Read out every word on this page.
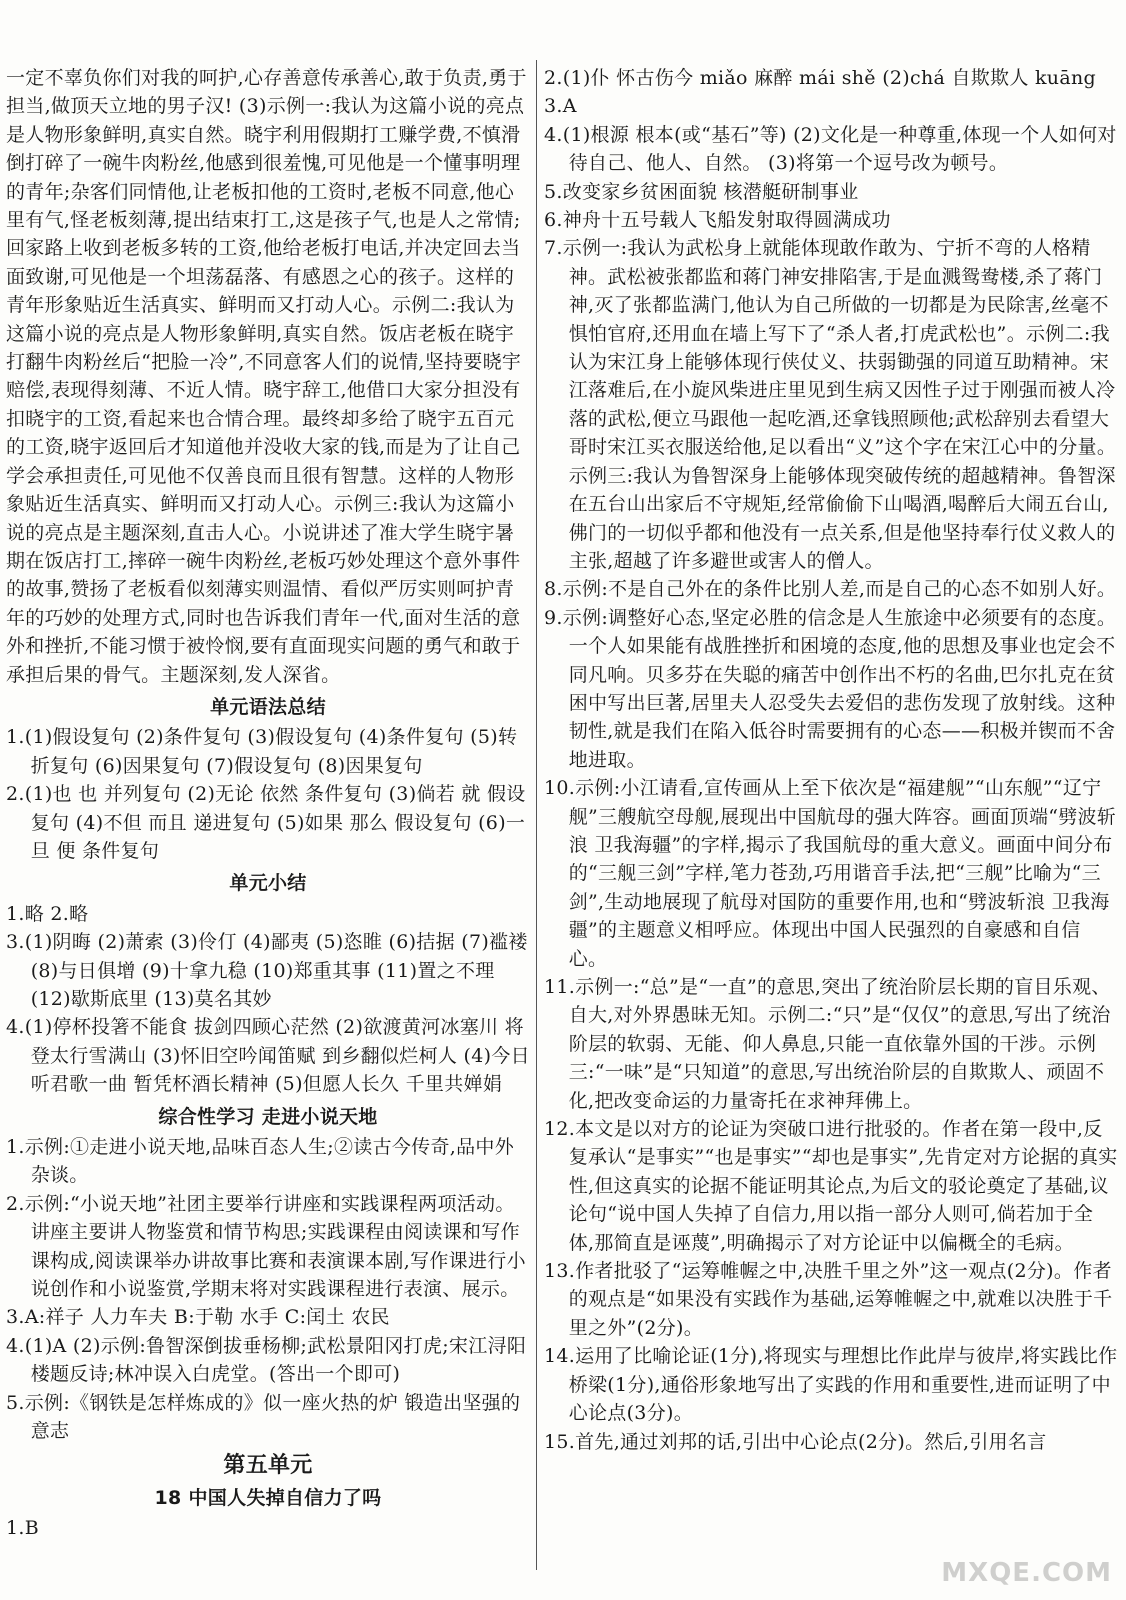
一定不辜负你们对我的呵护,心存善意传承善心,敢于负责,勇于担当,做顶天立地的男子汉! (3)示例一:我认为这篇小说的亮点是人物形象鲜明,真实自然。晓宇利用假期打工赚学费,不慎滑倒打碎了一碗牛肉粉丝,他感到很羞愧,可见他是一个懂事明理的青年;杂客们同情他,让老板扣他的工资时,老板不同意,他心里有气,怪老板刻薄,提出结束打工,这是孩子气,也是人之常情;回家路上收到老板多转的工资,他给老板打电话,并决定回去当面致谢,可见他是一个坦荡磊落、有感恩之心的孩子。这样的青年形象贴近生活真实、鲜明而又打动人心。示例二:我认为这篇小说的亮点是人物形象鲜明,真实自然。饭店老板在晓宇打翻牛肉粉丝后“把脸一冷”,不同意客人们的说情,坚持要晓宇赔偿,表现得刻薄、不近人情。晓宇辞工,他借口大家分担没有扣晓宇的工资,看起来也合情合理。最终却多给了晓宇五百元的工资,晓宇返回后才知道他并没收大家的钱,而是为了让自己学会承担责任,可见他不仅善良而且很有智慧。这样的人物形象贴近生活真实、鲜明而又打动人心。示例三:我认为这篇小说的亮点是主题深刻,直击人心。小说讲述了准大学生晓宇暑期在饭店打工,摔碎一碗牛肉粉丝,老板巧妙处理这个意外事件的故事,赞扬了老板看似刻薄实则温情、看似严厉实则呵护青年的巧妙的处理方式,同时也告诉我们青年一代,面对生活的意外和挫折,不能习惯于被怜悯,要有直面现实问题的勇气和敢于承担后果的骨气。主题深刻,发人深省。

单元语法总结

1.(1)假设复句 (2)条件复句 (3)假设复句 (4)条件复句 (5)转折复句 (6)因果复句 (7)假设复句 (8)因果复句

2.(1)也 也 并列复句 (2)无论 依然 条件复句 (3)倘若 就 假设复句 (4)不但 而且 递进复句 (5)如果 那么 假设复句 (6)一旦 便 条件复句

单元小结

1.略 2.略

3.(1)阴晦 (2)萧索 (3)伶仃 (4)鄙夷 (5)恣睢 (6)拮据 (7)褴褛 (8)与日俱增 (9)十拿九稳 (10)郑重其事 (11)置之不理 (12)歇斯底里 (13)莫名其妙

4.(1)停杯投箸不能食 拔剑四顾心茫然 (2)欲渡黄河冰塞川 将登太行雪满山 (3)怀旧空吟闻笛赋 到乡翻似烂柯人 (4)今日听君歌一曲 暂凭杯酒长精神 (5)但愿人长久 千里共婵娟

综合性学习 走进小说天地

1.示例:①走进小说天地,品味百态人生;②读古今传奇,品中外杂谈。

2.示例:“小说天地”社团主要举行讲座和实践课程两项活动。讲座主要讲人物鉴赏和情节构思;实践课程由阅读课和写作课构成,阅读课举办讲故事比赛和表演课本剧,写作课进行小说创作和小说鉴赏,学期末将对实践课程进行表演、展示。

3.A:祥子 人力车夫 B:于勒 水手 C:闰土 农民

4.(1)A (2)示例:鲁智深倒拔垂杨柳;武松景阳冈打虎;宋江浔阳楼题反诗;林冲误入白虎堂。(答出一个即可)

5.示例:《钢铁是怎样炼成的》似一座火热的炉 锻造出坚强的意志

第五单元
18 中国人失掉自信力了吗

1.B

2.(1)仆 怀古伤今 miǎo 麻醉 mái shě (2)chá 自欺欺人 kuāng

3.A

4.(1)根源 根本(或“基石”等) (2)文化是一种尊重,体现一个人如何对待自己、他人、自然。 (3)将第一个逗号改为顿号。

5.改变家乡贫困面貌 核潜艇研制事业

6.神舟十五号载人飞船发射取得圆满成功

7.示例一:我认为武松身上就能体现敢作敢为、宁折不弯的人格精神。武松被张都监和蒋门神安排陷害,于是血溅鸳鸯楼,杀了蒋门神,灭了张都监满门,他认为自己所做的一切都是为民除害,丝毫不惧怕官府,还用血在墙上写下了“杀人者,打虎武松也”。示例二:我认为宋江身上能够体现行侠仗义、扶弱锄强的同道互助精神。宋江落难后,在小旋风柴进庄里见到生病又因性子过于刚强而被人冷落的武松,便立马跟他一起吃酒,还拿钱照顾他;武松辞别去看望大哥时宋江买衣服送给他,足以看出“义”这个字在宋江心中的分量。示例三:我认为鲁智深身上能够体现突破传统的超越精神。鲁智深在五台山出家后不守规矩,经常偷偷下山喝酒,喝醉后大闹五台山,佛门的一切似乎都和他没有一点关系,但是他坚持奉行仗义救人的主张,超越了许多避世或害人的僧人。

8.示例:不是自己外在的条件比别人差,而是自己的心态不如别人好。

9.示例:调整好心态,坚定必胜的信念是人生旅途中必须要有的态度。一个人如果能有战胜挫折和困境的态度,他的思想及事业也定会不同凡响。贝多芬在失聪的痛苦中创作出不朽的名曲,巴尔扎克在贫困中写出巨著,居里夫人忍受失去爱侣的悲伤发现了放射线。这种韧性,就是我们在陷入低谷时需要拥有的心态——积极并锲而不舍地进取。

10.示例:小江请看,宣传画从上至下依次是“福建舰”“山东舰”“辽宁舰”三艘航空母舰,展现出中国航母的强大阵容。画面顶端“劈波斩浪 卫我海疆”的字样,揭示了我国航母的重大意义。画面中间分布的“三舰三剑”字样,笔力苍劲,巧用谐音手法,把“三舰”比喻为“三剑”,生动地展现了航母对国防的重要作用,也和“劈波斩浪 卫我海疆”的主题意义相呼应。体现出中国人民强烈的自豪感和自信心。

11.示例一:“总”是“一直”的意思,突出了统治阶层长期的盲目乐观、自大,对外界愚昧无知。示例二:“只”是“仅仅”的意思,写出了统治阶层的软弱、无能、仰人鼻息,只能一直依靠外国的干涉。示例三:“一味”是“只知道”的意思,写出统治阶层的自欺欺人、顽固不化,把改变命运的力量寄托在求神拜佛上。

12.本文是以对方的论证为突破口进行批驳的。作者在第一段中,反复承认“是事实”“也是事实”“却也是事实”,先肯定对方论据的真实性,但这真实的论据不能证明其论点,为后文的驳论奠定了基础,议论句“说中国人失掉了自信力,用以指一部分人则可,倘若加于全体,那简直是诬蔑”,明确揭示了对方论证中以偏概全的毛病。

13.作者批驳了“运筹帷幄之中,决胜千里之外”这一观点(2分)。作者的观点是“如果没有实践作为基础,运筹帷幄之中,就难以决胜于千里之外”(2分)。

14.运用了比喻论证(1分),将现实与理想比作此岸与彼岸,将实践比作桥梁(1分),通俗形象地写出了实践的作用和重要性,进而证明了中心论点(3分)。

15.首先,通过刘邦的话,引出中心论点(2分)。然后,引用名言

MXQE.COM
